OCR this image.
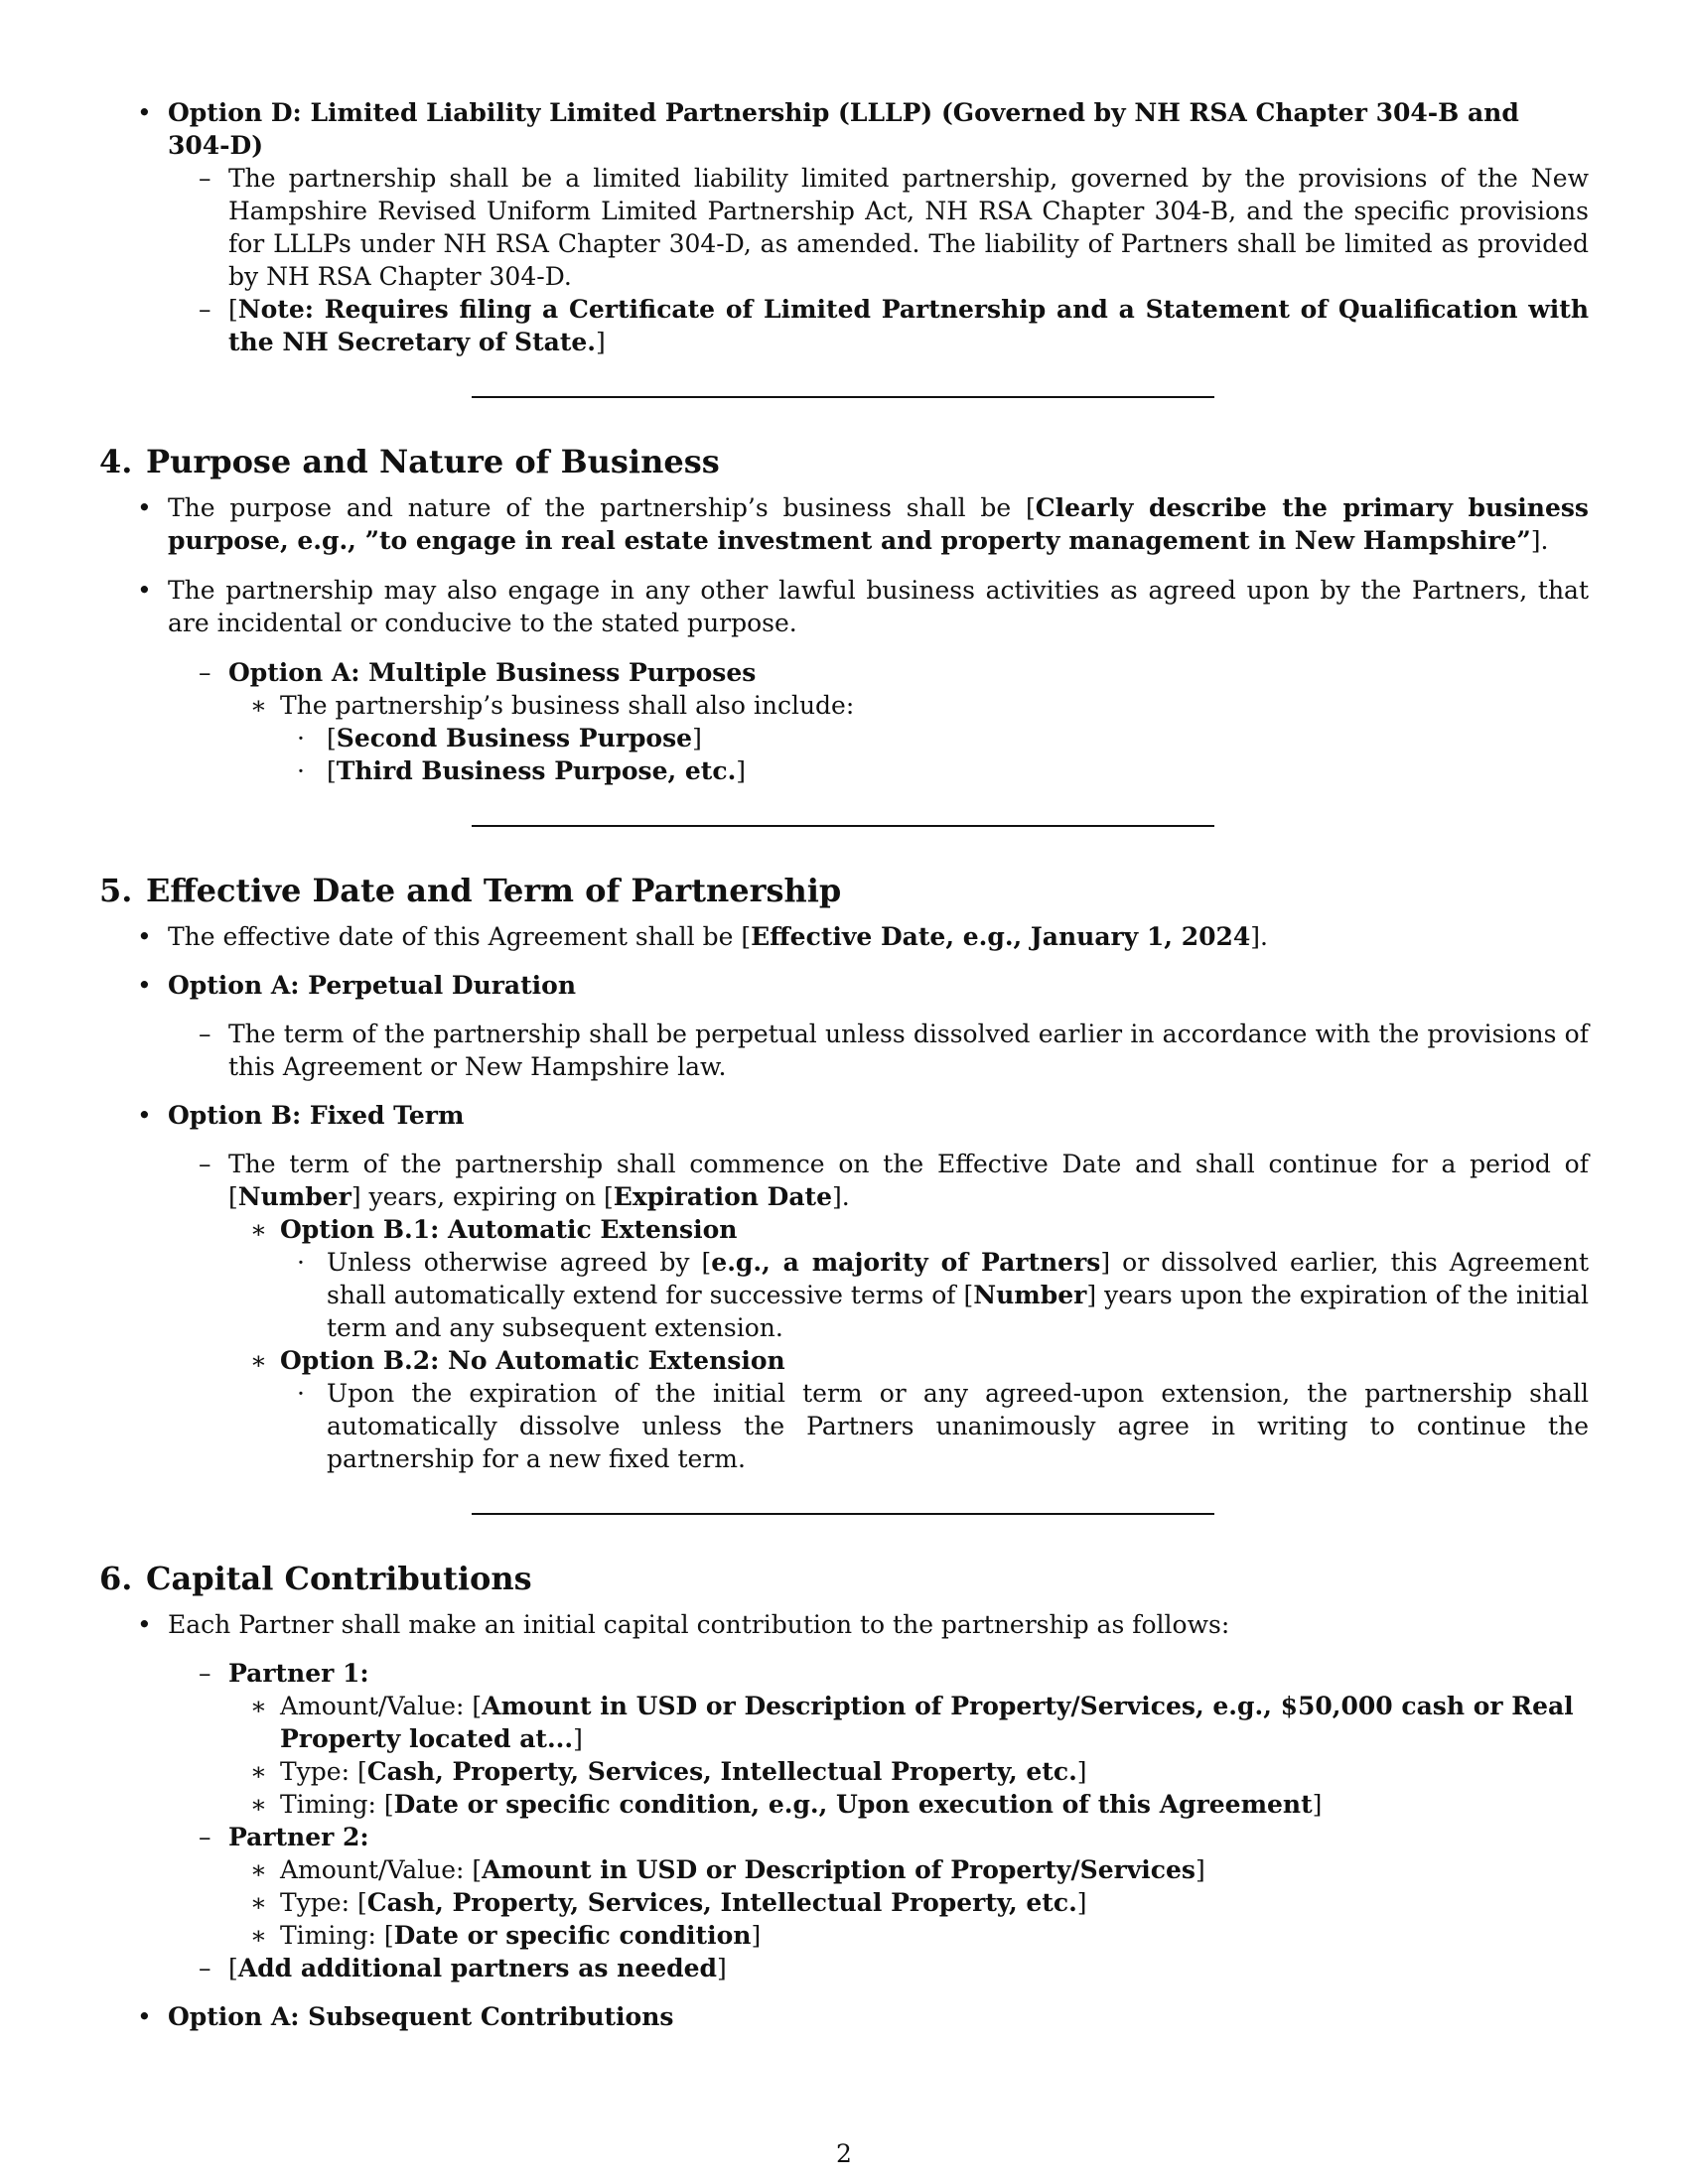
• Option D: Limited Liability Limited Partnership (LLLP) (Governed by NH RSA Chapter 304-B and 304-D)
– The partnership shall be a limited liability limited partnership, governed by the provisions of the New Hampshire Revised Uniform Limited Partnership Act, NH RSA Chapter 304-B, and the specific provisions for LLLPs under NH RSA Chapter 304-D, as amended. The liability of Partners shall be limited as provided by NH RSA Chapter 304-D.
– [Note: Requires filing a Certificate of Limited Partnership and a Statement of Qualification with the NH Secretary of State.]
4. Purpose and Nature of Business
• The purpose and nature of the partnership’s business shall be [Clearly describe the primary business purpose, e.g., ”to engage in real estate investment and property management in New Hampshire”].
• The partnership may also engage in any other lawful business activities as agreed upon by the Partners, that are incidental or conducive to the stated purpose.
– Option A: Multiple Business Purposes
∗ The partnership’s business shall also include:
· [Second Business Purpose]
· [Third Business Purpose, etc.]
5. Effective Date and Term of Partnership
• The effective date of this Agreement shall be [Effective Date, e.g., January 1, 2024].
• Option A: Perpetual Duration
– The term of the partnership shall be perpetual unless dissolved earlier in accordance with the provisions of this Agreement or New Hampshire law.
• Option B: Fixed Term
– The term of the partnership shall commence on the Effective Date and shall continue for a period of [Number] years, expiring on [Expiration Date].
∗ Option B.1: Automatic Extension
· Unless otherwise agreed by [e.g., a majority of Partners] or dissolved earlier, this Agreement shall automatically extend for successive terms of [Number] years upon the expiration of the initial term and any subsequent extension.
∗ Option B.2: No Automatic Extension
· Upon the expiration of the initial term or any agreed-upon extension, the partnership shall automatically dissolve unless the Partners unanimously agree in writing to continue the partnership for a new fixed term.
6. Capital Contributions
• Each Partner shall make an initial capital contribution to the partnership as follows:
– Partner 1:
∗ Amount/Value: [Amount in USD or Description of Property/Services, e.g., $50,000 cash or Real Property located at...]
∗ Type: [Cash, Property, Services, Intellectual Property, etc.]
∗ Timing: [Date or specific condition, e.g., Upon execution of this Agreement]
– Partner 2:
∗ Amount/Value: [Amount in USD or Description of Property/Services]
∗ Type: [Cash, Property, Services, Intellectual Property, etc.]
∗ Timing: [Date or specific condition]
– [Add additional partners as needed]
• Option A: Subsequent Contributions
2
